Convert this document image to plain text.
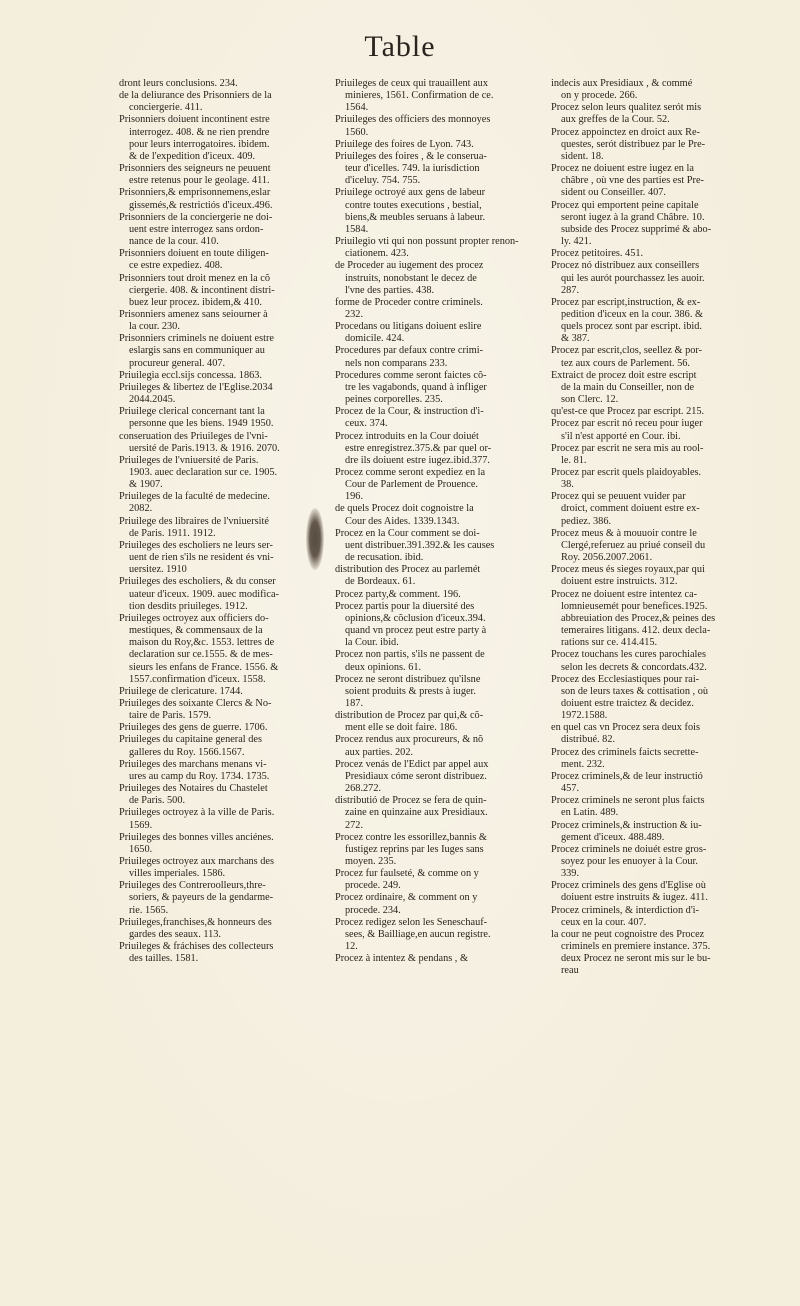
Table
dront leurs conclusions. 234.
de la deliurance des Prisonniers de la
conciergerie. 411.
Prisonniers doiuent incontinent estre
interrogez. 408. & ne rien prendre
pour leurs interrogatoires. ibidem.
& de l'expedition d'iceux. 409.
Prisonniers des seigneurs ne peuuent
estre retenus pour le geolage. 411.
Prisonniers,& emprisonnemens,eslar
gissemés,& restrictiós d'iceux.496.
Prisonniers de la conciergerie ne doi-
uent estre interrogez sans ordon-
nance de la cour. 410.
Prisonniers doiuent en toute diligen-
ce estre expediez. 408.
Prisonniers tout droit menez en la cõ
ciergerie. 408. & incontinent distri-
buez leur procez. ibidem,& 410.
Prisonniers amenez sans seiourner à
la cour. 230.
Prisonniers criminels ne doiuent estre
eslargis sans en communiquer au
procureur general. 407.
Priuilegia eccl.sijs concessa. 1863.
Priuileges & libertez de l'Eglise.2034
2044.2045.
Priuilege clerical concernant tant la
personne que les biens. 1949 1950.
conseruation des Priuileges de l'vni-
uersité de Paris.1913. & 1916. 2070.
Priuileges de l'vniuersité de Paris.
1903. auec declaration sur ce. 1905.
& 1907.
Priuileges de la faculté de medecine.
2082.
Priuilege des libraires de l'vniuersité
de Paris. 1911. 1912.
Priuileges des escholiers ne leurs ser-
uent de rien s'ils ne resident és vni-
uersitez. 1910
Priuileges des escholiers, & du conser
uateur d'iceux. 1909. auec modifica-
tion desdits priuileges. 1912.
Priuileges octroyez aux officiers do-
mestiques, & commensaux de la
maison du Roy,&c. 1553. lettres de
declaration sur ce.1555. & de mes-
sieurs les enfans de France. 1556. &
1557.confirmation d'iceux. 1558.
Priuilege de clericature. 1744.
Priuileges des soixante Clercs & No-
taire de Paris. 1579.
Priuileges des gens de guerre. 1706.
Priuileges du capitaine general des
galleres du Roy. 1566.1567.
Priuileges des marchans menans vi-
ures au camp du Roy. 1734. 1735.
Priuileges des Notaires du Chastelet
de Paris. 500.
Priuileges octroyez à la ville de Paris.
1569.
Priuileges des bonnes villes anciénes.
1650.
Priuileges octroyez aux marchans des
villes imperiales. 1586.
Priuileges des Contreroolleurs,thre-
soriers, & payeurs de la gendarme-
rie. 1565.
Priuileges,franchises,& honneurs des
gardes des seaux. 113.
Priuileges & fráchises des collecteurs
des tailles. 1581.
Priuileges de ceux qui trauaillent aux
minieres, 1561. Confirmation de ce.
1564.
Priuileges des officiers des monnoyes
1560.
Priuilege des foires de Lyon. 743.
Priuileges des foires , & le conserua-
teur d'icelles. 749. la iurisdiction
d'iceluy. 754. 755.
Priuilege octroyé aux gens de labeur
contre toutes executions , bestial,
biens,& meubles seruans à labeur.
1584.
Priuilegio vti qui non possunt propter renon-
ciationem. 423.
de Proceder au iugement des procez
instruits, nonobstant le decez de
l'vne des parties. 438.
forme de Proceder contre criminels.
232.
Procedans ou litigans doiuent eslire
domicile. 424.
Procedures par defaux contre crimi-
nels non comparans 233.
Procedures comme seront faictes cõ-
tre les vagabonds, quand à infliger
peines corporelles. 235.
Procez de la Cour, & instruction d'i-
ceux. 374.
Procez introduits en la Cour doiuét
estre enregistrez.375.& par quel or-
dre ils doiuent estre iugez.ibid.377.
Procez comme seront expediez en la
Cour de Parlement de Prouence.
196.
de quels Procez doit cognoistre la
Cour des Aides. 1339.1343.
Procez en la Cour comment se doi-
uent distribuer.391.392.& les causes
de recusation. ibid.
distribution des Procez au parlemét
de Bordeaux. 61.
Procez party,& comment. 196.
Procez partis pour la diuersité des
opinions,& cõclusion d'iceux.394.
quand vn procez peut estre party à
la Cour. ibid.
Procez non partis, s'ils ne passent de
deux opinions. 61.
Procez ne seront distribuez qu'ilsne
soient produits & prests à iuger.
187.
distribution de Procez par qui,& cõ-
ment elle se doit faire. 186.
Procez rendus aux procureurs, & nõ
aux parties. 202.
Procez venás de l'Edict par appel aux
Presidiaux cóme seront distribuez.
268.272.
distributió de Procez se fera de quin-
zaine en quinzaine aux Presidiaux.
272.
Procez contre les essorillez,bannis &
fustigez reprins par les Iuges sans
moyen. 235.
Procez fur faulseté, & comme on y
procede. 249.
Procez ordinaire, & comment on y
procede. 234.
Procez redigez selon les Seneschauf-
sees, & Bailliage,en aucun registre.
12.
Procez à intentez & pendans , &
indecis aux Presidiaux , & commé
on y procede. 266.
Procez selon leurs qualitez serót mis
aux greffes de la Cour. 52.
Procez appoinctez en droict aux Re-
questes, serót distribuez par le Pre-
sident. 18.
Procez ne doiuent estre iugez en la
châbre , où vne des parties est Pre-
sident ou Conseiller. 407.
Procez qui emportent peine capitale
seront iugez à la grand Châbre. 10.
subside des Procez supprimé & abo-
ly. 421.
Procez petitoires. 451.
Procez nó distribuez aux conseillers
qui les aurót pourchassez les auoir.
287.
Procez par escript,instruction, & ex-
pedition d'iceux en la cour. 386. &
quels procez sont par escript. ibid.
& 387.
Procez par escrit,clos, seellez & por-
tez aux cours de Parlement. 56.
Extraict de procez doit estre escript
de la main du Conseiller, non de
son Clerc. 12.
qu'est-ce que Procez par escript. 215.
Procez par escrit nó receu pour iuger
s'il n'est apporté en Cour. ibi.
Procez par escrit ne sera mis au rool-
le. 81.
Procez par escrit quels plaidoyables.
38.
Procez qui se peuuent vuider par
droict, comment doiuent estre ex-
pediez. 386.
Procez meus & à mouuoir contre le
Clergé,referuez au priué conseil du
Roy. 2056.2007.2061.
Procez meus és sieges royaux,par qui
doiuent estre instruicts. 312.
Procez ne doiuent estre intentez ca-
lomnieusemét pour benefices.1925.
abbreuiation des Procez,& peines des
temeraires litigans. 412. deux decla-
rations sur ce. 414.415.
Procez touchans les cures parochiales
selon les decrets & concordats.432.
Procez des Ecclesiastiques pour rai-
son de leurs taxes & cottisation , où
doiuent estre traictez & decidez.
1972.1588.
en quel cas vn Procez sera deux fois
distribué. 82.
Procez des criminels faicts secrette-
ment. 232.
Procez criminels,& de leur instructió
457.
Procez criminels ne seront plus faicts
en Latin. 489.
Procez criminels,& instruction & iu-
gement d'iceux. 488.489.
Procez criminels ne doiuét estre gros-
soyez pour les enuoyer à la Cour.
339.
Procez criminels des gens d'Eglise où
doiuent estre instruits & iugez. 411.
Procez criminels, & interdiction d'i-
ceux en la cour. 407.
la cour ne peut cognoistre des Procez
criminels en premiere instance. 375.
deux Procez ne seront mis sur le bu-
reau
